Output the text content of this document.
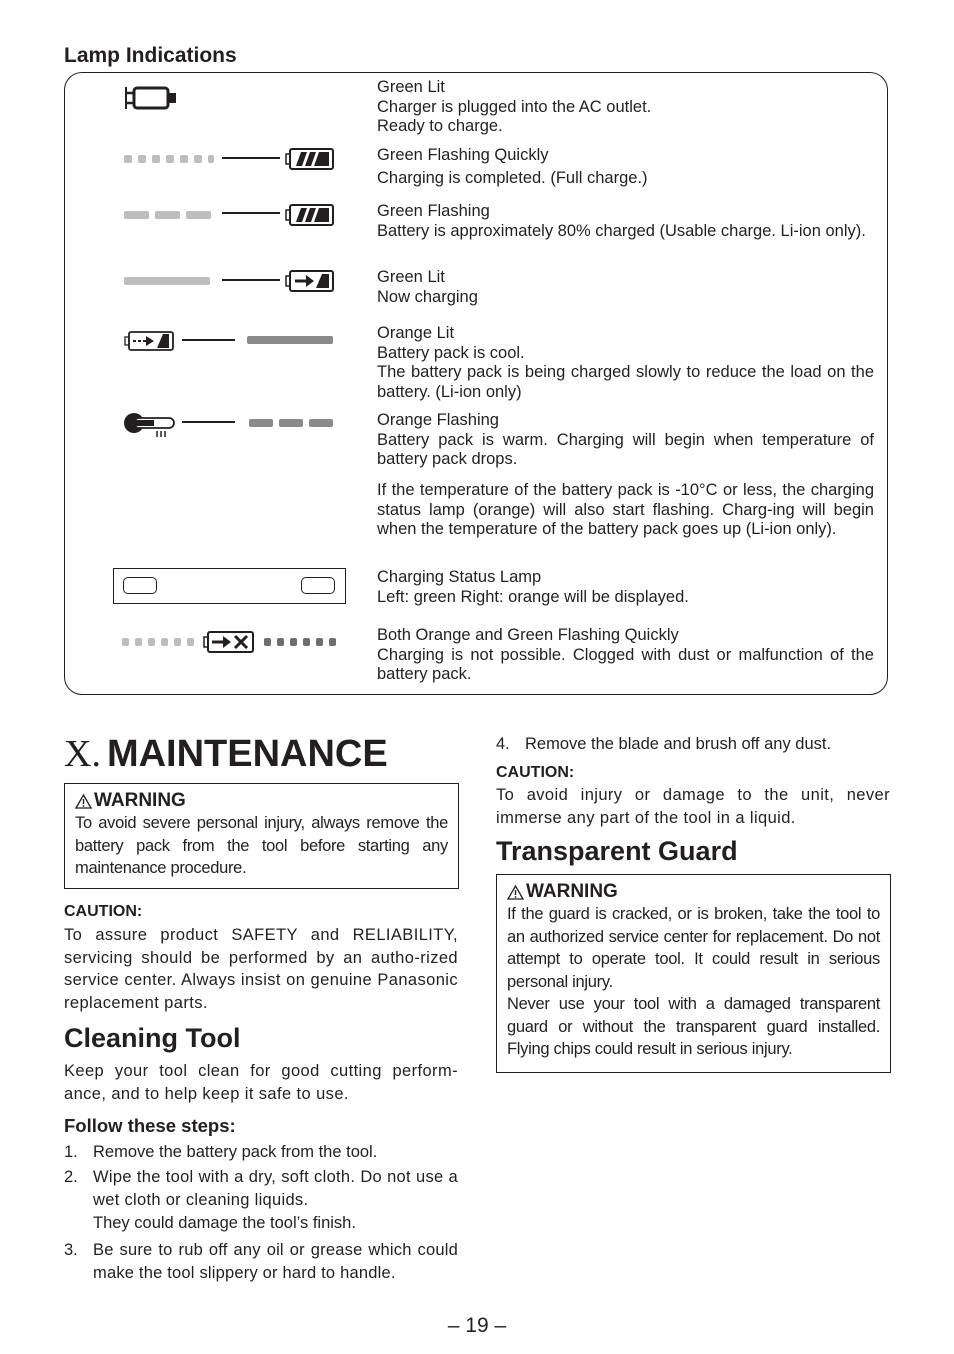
Lamp Indications
Green Lit
Charger is plugged into the AC outlet.
Ready to charge.
Green Flashing Quickly
Charging is completed. (Full charge.)
Green Flashing
Battery is approximately 80% charged (Usable charge. Li-ion only).
Green Lit
Now charging
Orange Lit
Battery pack is cool.
The battery pack is being charged slowly to reduce the load on the battery. (Li-ion only)
Orange Flashing
Battery pack is warm. Charging will begin when temperature of battery pack drops.
If the temperature of the battery pack is -10°C or less, the charging status lamp (orange) will also start flashing. Charg-ing will begin when the temperature of the battery pack goes up (Li-ion only).
Charging Status Lamp
Left: green Right: orange will be displayed.
Both Orange and Green Flashing Quickly
Charging is not possible. Clogged with dust or malfunction of the battery pack.
X. MAINTENANCE
WARNING
To avoid severe personal injury, always remove the battery pack from the tool before starting any maintenance procedure.
CAUTION:
To assure product SAFETY and RELIABILITY, servicing should be performed by an autho-rized service center. Always insist on genuine Panasonic replacement parts.
Cleaning Tool
Keep your tool clean for good cutting perform-ance, and to help keep it safe to use.
Follow these steps:
1. Remove the battery pack from the tool.
2. Wipe the tool with a dry, soft cloth. Do not use a wet cloth or cleaning liquids.
They could damage the tool’s finish.
3. Be sure to rub off any oil or grease which could make the tool slippery or hard to handle.
4. Remove the blade and brush off any dust.
CAUTION:
To avoid injury or damage to the unit, never immerse any part of the tool in a liquid.
Transparent Guard
WARNING
If the guard is cracked, or is broken, take the tool to an authorized service center for replacement. Do not attempt to operate tool. It could result in serious personal injury.
Never use your tool with a damaged transparent guard or without the transparent guard installed. Flying chips could result in serious injury.
– 19 –
